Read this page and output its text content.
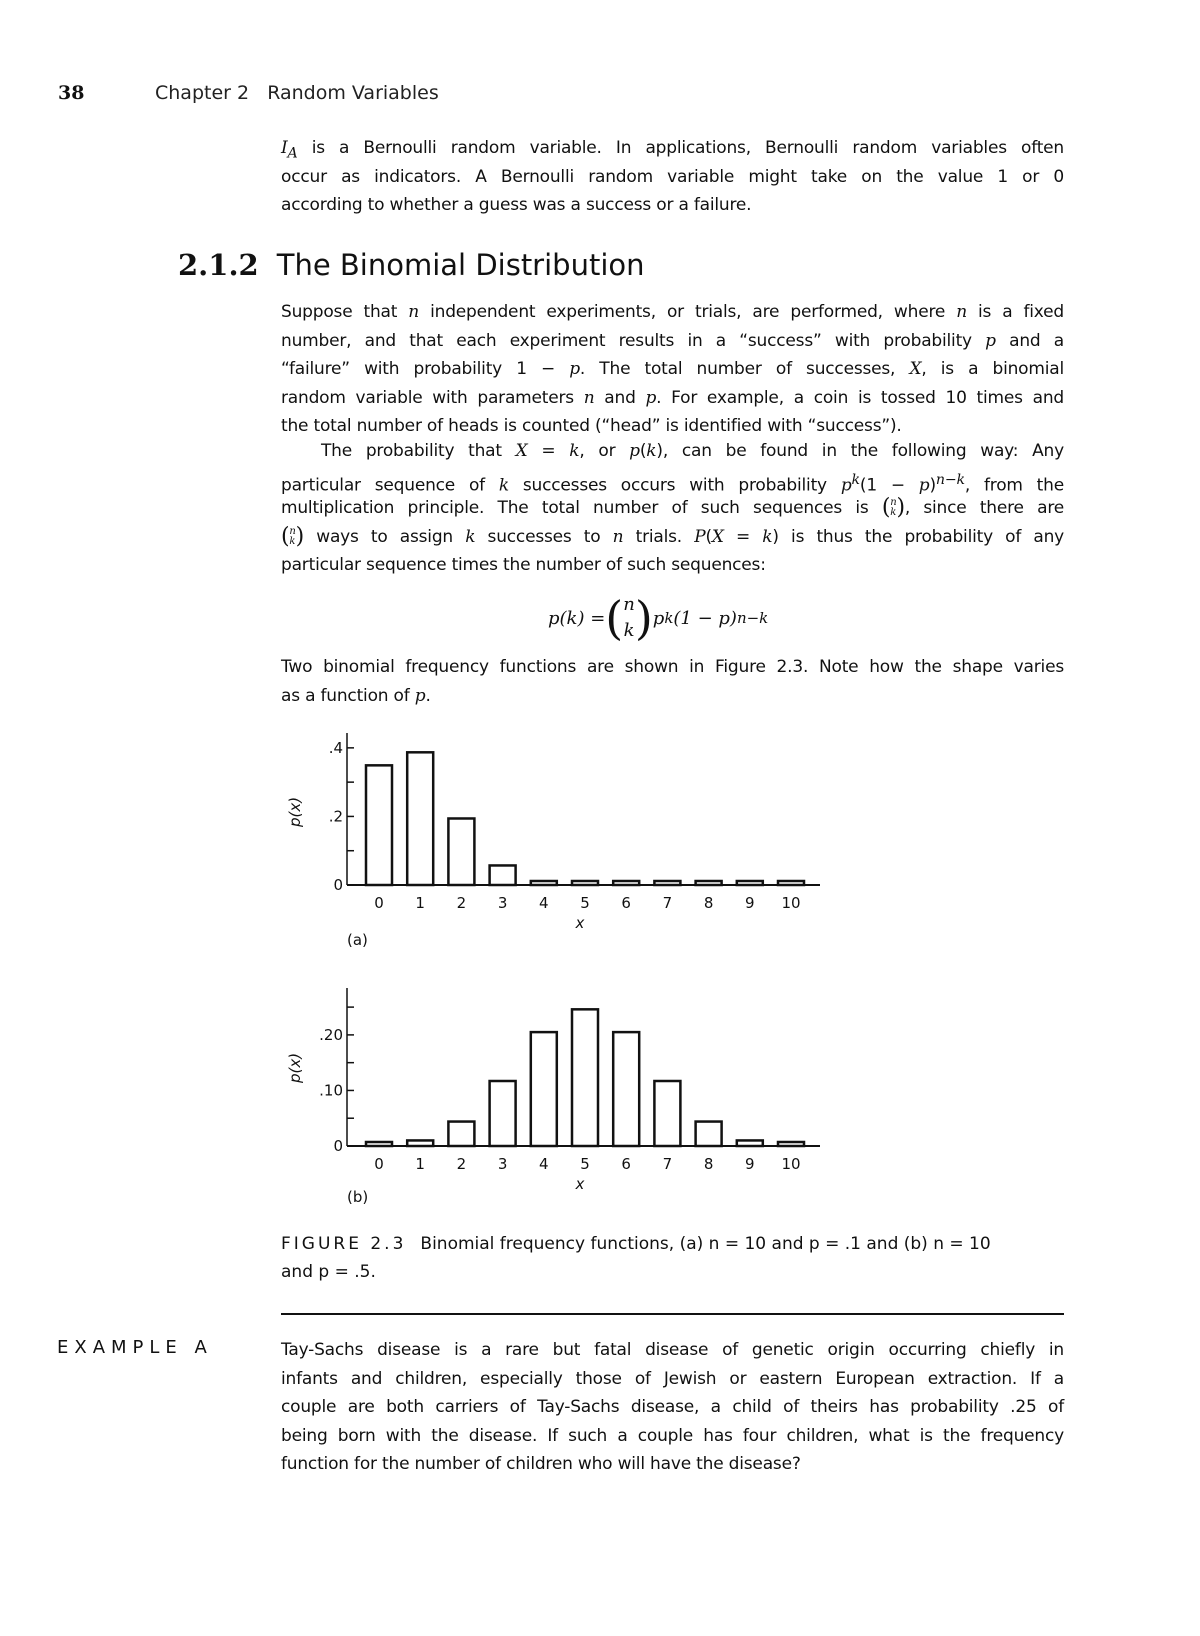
38	Chapter 2   Random Variables
$I_A$ is a Bernoulli random variable. In applications, Bernoulli random variables often
occur as indicators. A Bernoulli random variable might take on the value 1 or 0
according to whether a guess was a success or a failure.
2.1.2 The Binomial Distribution
Suppose that n independent experiments, or trials, are performed, where n is a fixed
number, and that each experiment results in a “success” with probability p and a
“failure” with probability 1 − p. The total number of successes, X, is a binomial
random variable with parameters n and p. For example, a coin is tossed 10 times and
the total number of heads is counted (“head” is identified with “success”).
The probability that X = k, or p(k), can be found in the following way: Any
particular sequence of k successes occurs with probability $p^k(1 - p)^{n-k}$, from the
multiplication principle. The total number of such sequences is ( n
k ) , since there are
( n
k ) ways to assign k successes to n trials. P(X = k) is thus the probability of any
particular sequence times the number of such sequences:
p(k) = ( n
k ) p k (1 − p) n−k
Two binomial frequency functions are shown in Figure 2.3. Note how the shape varies
as a function of p.
0
.2
.4
0 1 2 3 4 5 6 7 8 9 10
x
(a)
p(x)
0
.10
.20
0 1 2 3 4 5 6 7 8 9 10
x
(b)
p(x)
FIGURE 2.3 Binomial frequency functions, (a) n = 10 and p = .1 and (b) n = 10
and p = .5.
EXAMPLE A	Tay-Sachs disease is a rare but fatal disease of genetic origin occurring chiefly in
infants and children, especially those of Jewish or eastern European extraction. If a
couple are both carriers of Tay-Sachs disease, a child of theirs has probability .25 of
being born with the disease. If such a couple has four children, what is the frequency
function for the number of children who will have the disease?
